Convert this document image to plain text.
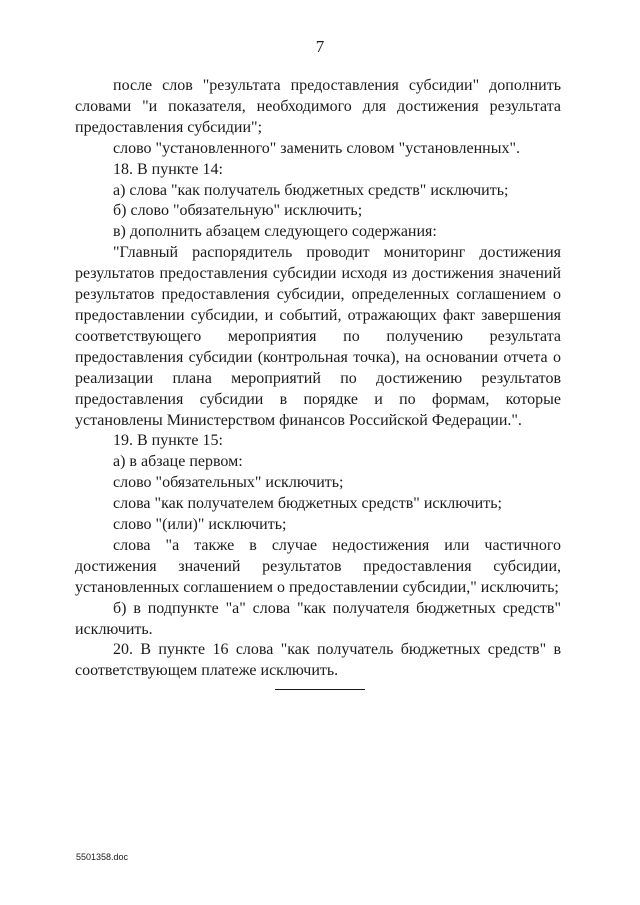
7

после слов "результата предоставления субсидии" дополнить словами "и показателя, необходимого для достижения результата предоставления субсидии";

слово "установленного" заменить словом "установленных".

18. В пункте 14:

а) слова "как получатель бюджетных средств" исключить;

б) слово "обязательную" исключить;

в) дополнить абзацем следующего содержания:

"Главный распорядитель проводит мониторинг достижения результатов предоставления субсидии исходя из достижения значений результатов предоставления субсидии, определенных соглашением о предоставлении субсидии, и событий, отражающих факт завершения соответствующего мероприятия по получению результата предоставления субсидии (контрольная точка), на основании отчета о реализации плана мероприятий по достижению результатов предоставления субсидии в порядке и по формам, которые установлены Министерством финансов Российской Федерации.".

19. В пункте 15:

а) в абзаце первом:

слово "обязательных" исключить;

слова "как получателем бюджетных средств" исключить;

слово "(или)" исключить;

слова "а также в случае недостижения или частичного достижения значений результатов предоставления субсидии, установленных соглашением о предоставлении субсидии," исключить;

б) в подпункте "а" слова "как получателя бюджетных средств" исключить.

20. В пункте 16 слова "как получатель бюджетных средств" в соответствующем платеже исключить.

5501358.doc
